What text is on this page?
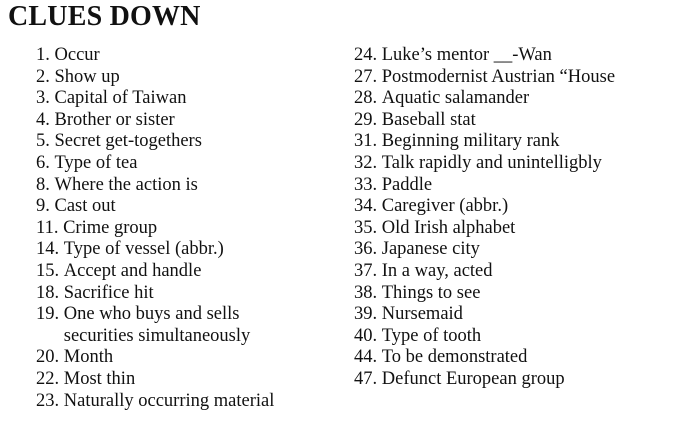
CLUES DOWN
1.
Occur
2.
Show up
3.
Capital of Taiwan
4.
Brother or sister
5.
Secret get-togethers
6.
Type of tea
8.
Where the action is
9.
Cast out
11.
Crime group
14.
Type of vessel (abbr.)
15.
Accept and handle
18.
Sacrifice hit
19.
One who buys and sells
securities simultaneously
20.
Month
22.
Most thin
23.
Naturally occurring material
24.
Luke’s mentor __-Wan
27.
Postmodernist Austrian “House
28.
Aquatic salamander
29.
Baseball stat
31.
Beginning military rank
32.
Talk rapidly and unintelligbly
33.
Paddle
34.
Caregiver (abbr.)
35.
Old Irish alphabet
36.
Japanese city
37.
In a way, acted
38.
Things to see
39.
Nursemaid
40.
Type of tooth
44.
To be demonstrated
47.
Defunct European group
